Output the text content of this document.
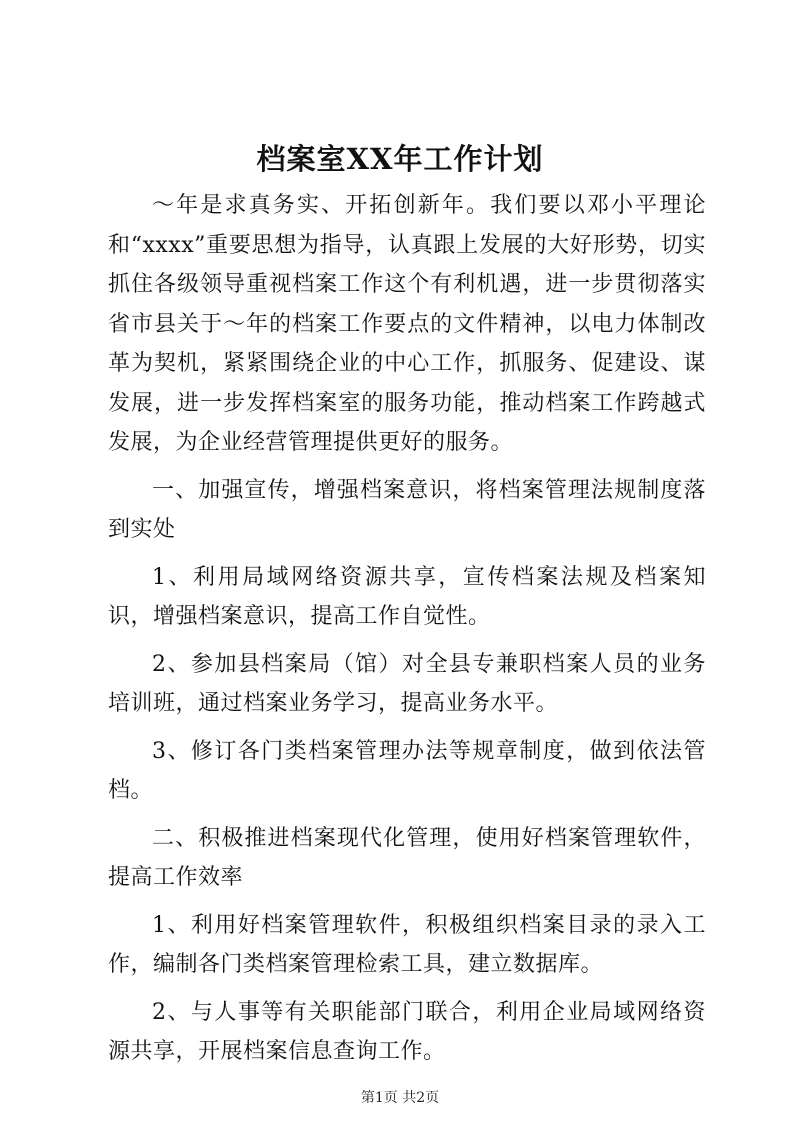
档案室XX年工作计划

～年是求真务实、开拓创新年。我们要以邓小平理论和“xxxx”重要思想为指导，认真跟上发展的大好形势，切实抓住各级领导重视档案工作这个有利机遇，进一步贯彻落实省市县关于～年的档案工作要点的文件精神，以电力体制改革为契机，紧紧围绕企业的中心工作，抓服务、促建设、谋发展，进一步发挥档案室的服务功能，推动档案工作跨越式发展，为企业经营管理提供更好的服务。

一、加强宣传，增强档案意识，将档案管理法规制度落到实处

1、利用局域网络资源共享，宣传档案法规及档案知识，增强档案意识，提高工作自觉性。

2、参加县档案局（馆）对全县专兼职档案人员的业务培训班，通过档案业务学习，提高业务水平。

3、修订各门类档案管理办法等规章制度，做到依法管档。

二、积极推进档案现代化管理，使用好档案管理软件，提高工作效率

1、利用好档案管理软件，积极组织档案目录的录入工作，编制各门类档案管理检索工具，建立数据库。

2、与人事等有关职能部门联合，利用企业局域网络资源共享，开展档案信息查询工作。

第1页 共2页
